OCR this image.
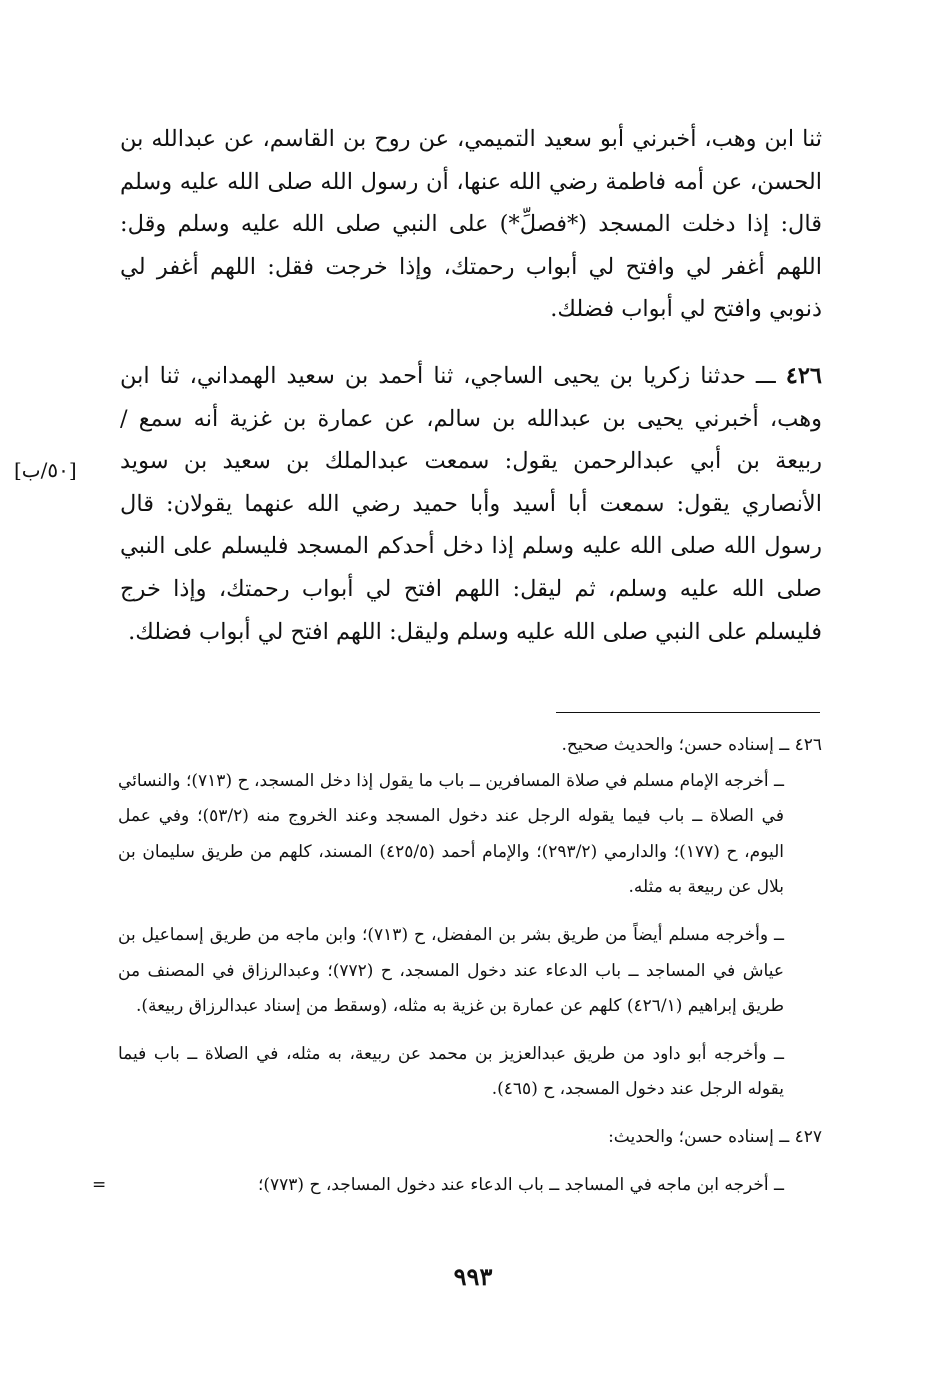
ثنا ابن وهب، أخبرني أبو سعيد التميمي، عن روح بن القاسم، عن عبدالله بن الحسن، عن أمه فاطمة رضي الله عنها، أن رسول الله صلى الله عليه وسلم قال: إذا دخلت المسجد (*فصلِّ*) على النبي صلى الله عليه وسلم وقل: اللهم أغفر لي وافتح لي أبواب رحمتك، وإذا خرجت فقل: اللهم أغفر لي ذنوبي وافتح لي أبواب فضلك.

٤٢٦ ـــ حدثنا زكريا بن يحيى الساجي، ثنا أحمد بن سعيد الهمداني، ثنا ابن وهب، أخبرني يحيى بن عبدالله بن سالم، عن عمارة بن غزية أنه سمع / ربيعة بن أبي عبدالرحمن يقول: سمعت عبدالملك بن سعيد بن سويد الأنصاري يقول: سمعت أبا أسيد وأبا حميد رضي الله عنهما يقولان: قال رسول الله صلى الله عليه وسلم إذا دخل أحدكم المسجد فليسلم على النبي صلى الله عليه وسلم، ثم ليقل: اللهم افتح لي أبواب رحمتك، وإذا خرج فليسلم على النبي صلى الله عليه وسلم وليقل: اللهم افتح لي أبواب فضلك.

[٥٠/ب]

٤٢٦ ــ إسناده حسن؛ والحديث صحيح.

ــ أخرجه الإمام مسلم في صلاة المسافرين ــ باب ما يقول إذا دخل المسجد، ح (٧١٣)؛ والنسائي في الصلاة ــ باب فيما يقوله الرجل عند دخول المسجد وعند الخروج منه (٥٣/٢)؛ وفي عمل اليوم، ح (١٧٧)؛ والدارمي (٢٩٣/٢)؛ والإمام أحمد (٤٢٥/٥) المسند، كلهم من طريق سليمان بن بلال عن ربيعة به مثله.

ــ وأخرجه مسلم أيضاً من طريق بشر بن المفضل، ح (٧١٣)؛ وابن ماجه من طريق إسماعيل بن عياش في المساجد ــ باب الدعاء عند دخول المسجد، ح (٧٧٢)؛ وعبدالرزاق في المصنف من طريق إبراهيم (٤٢٦/١) كلهم عن عمارة بن غزية به مثله، (وسقط من إسناد عبدالرزاق ربيعة).

ــ وأخرجه أبو داود من طريق عبدالعزيز بن محمد عن ربيعة، به مثله، في الصلاة ــ باب فيما يقوله الرجل عند دخول المسجد، ح (٤٦٥).

٤٢٧ ــ إسناده حسن؛ والحديث:

ــ أخرجه ابن ماجه في المساجد ــ باب الدعاء عند دخول المساجد، ح (٧٧٣)؛
=

٩٩٣
